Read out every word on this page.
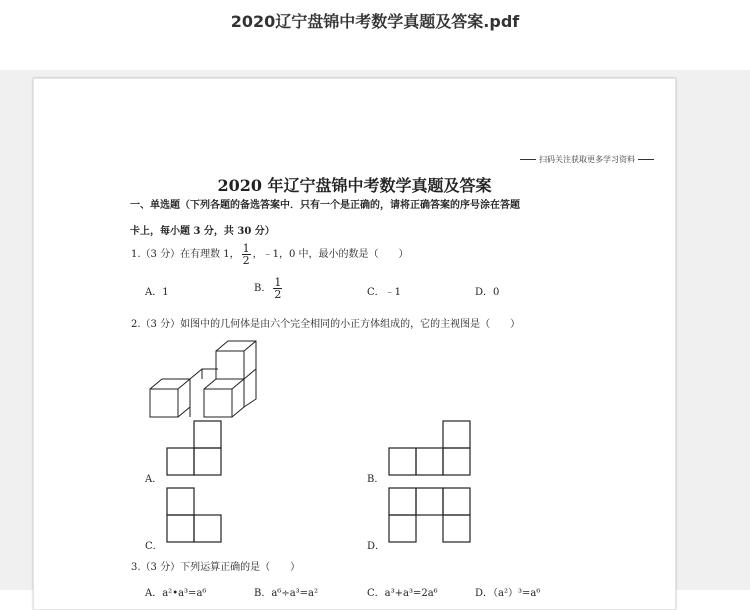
2020辽宁盘锦中考数学真题及答案.pdf
扫码关注获取更多学习资料
2020 年辽宁盘锦中考数学真题及答案
一、单选题（下列各题的备选答案中．只有一个是正确的，请将正确答案的序号涂在答题
卡上，每小题 3 分，共 30 分）
1.（3 分）在有理数 1， $\frac{1}{2}$ ，﹣1，0 中，最小的数是（　　）
A．1	B． $\frac{1}{2}$	C．﹣1	D．0
2.（3 分）如图中的几何体是由六个完全相同的小正方体组成的，它的主视图是（　　）
A．	B．
C．	D．
3.（3 分）下列运算正确的是（　　）
A．a²•a³=a⁶	B．a⁶÷a³=a²	C．a³+a³=2a⁶	D．（a²）³=a⁶
